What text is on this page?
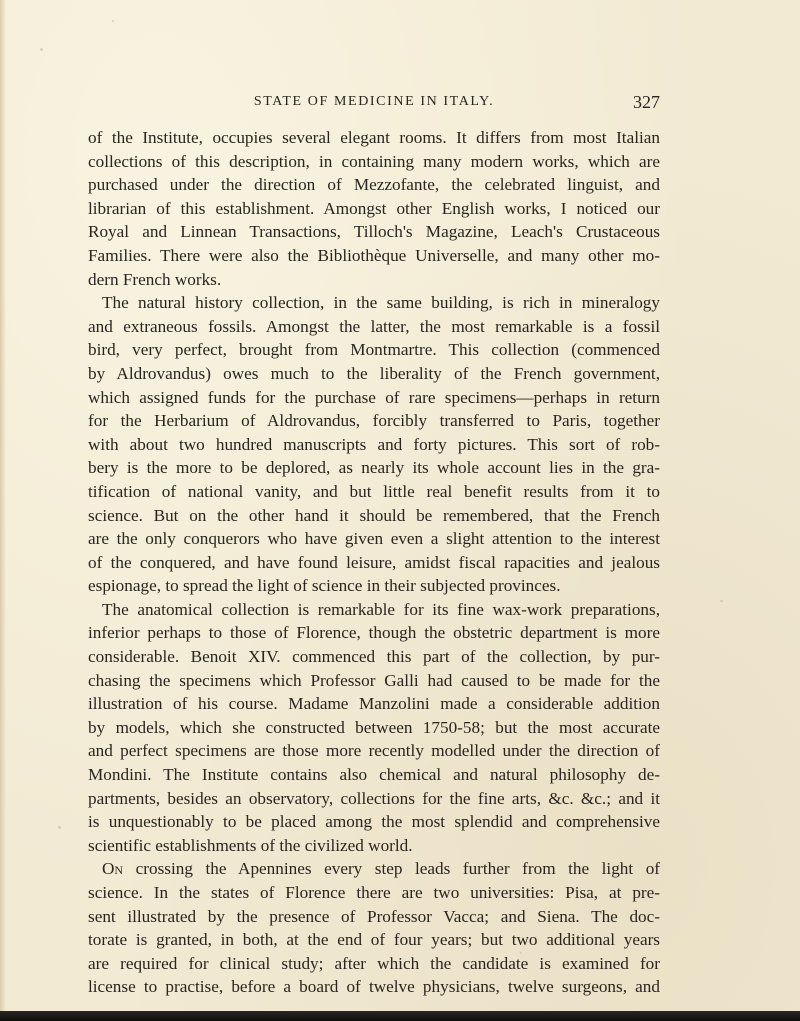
STATE OF MEDICINE IN ITALY.	327
of the Institute, occupies several elegant rooms. It differs from most Italian
collections of this description, in containing many modern works, which are
purchased under the direction of Mezzofante, the celebrated linguist, and
librarian of this establishment. Amongst other English works, I noticed our
Royal and Linnean Transactions, Tilloch's Magazine, Leach's Crustaceous
Families. There were also the Bibliothèque Universelle, and many other mo-
dern French works.
The natural history collection, in the same building, is rich in mineralogy
and extraneous fossils. Amongst the latter, the most remarkable is a fossil
bird, very perfect, brought from Montmartre. This collection (commenced
by Aldrovandus) owes much to the liberality of the French government,
which assigned funds for the purchase of rare specimens—perhaps in return
for the Herbarium of Aldrovandus, forcibly transferred to Paris, together
with about two hundred manuscripts and forty pictures. This sort of rob-
bery is the more to be deplored, as nearly its whole account lies in the gra-
tification of national vanity, and but little real benefit results from it to
science. But on the other hand it should be remembered, that the French
are the only conquerors who have given even a slight attention to the interest
of the conquered, and have found leisure, amidst fiscal rapacities and jealous
espionage, to spread the light of science in their subjected provinces.
The anatomical collection is remarkable for its fine wax-work preparations,
inferior perhaps to those of Florence, though the obstetric department is more
considerable. Benoit XIV. commenced this part of the collection, by pur-
chasing the specimens which Professor Galli had caused to be made for the
illustration of his course. Madame Manzolini made a considerable addition
by models, which she constructed between 1750-58; but the most accurate
and perfect specimens are those more recently modelled under the direction of
Mondini. The Institute contains also chemical and natural philosophy de-
partments, besides an observatory, collections for the fine arts, &c. &c.; and it
is unquestionably to be placed among the most splendid and comprehensive
scientific establishments of the civilized world.
On crossing the Apennines every step leads further from the light of
science. In the states of Florence there are two universities: Pisa, at pre-
sent illustrated by the presence of Professor Vacca; and Siena. The doc-
torate is granted, in both, at the end of four years; but two additional years
are required for clinical study; after which the candidate is examined for
license to practise, before a board of twelve physicians, twelve surgeons, and
